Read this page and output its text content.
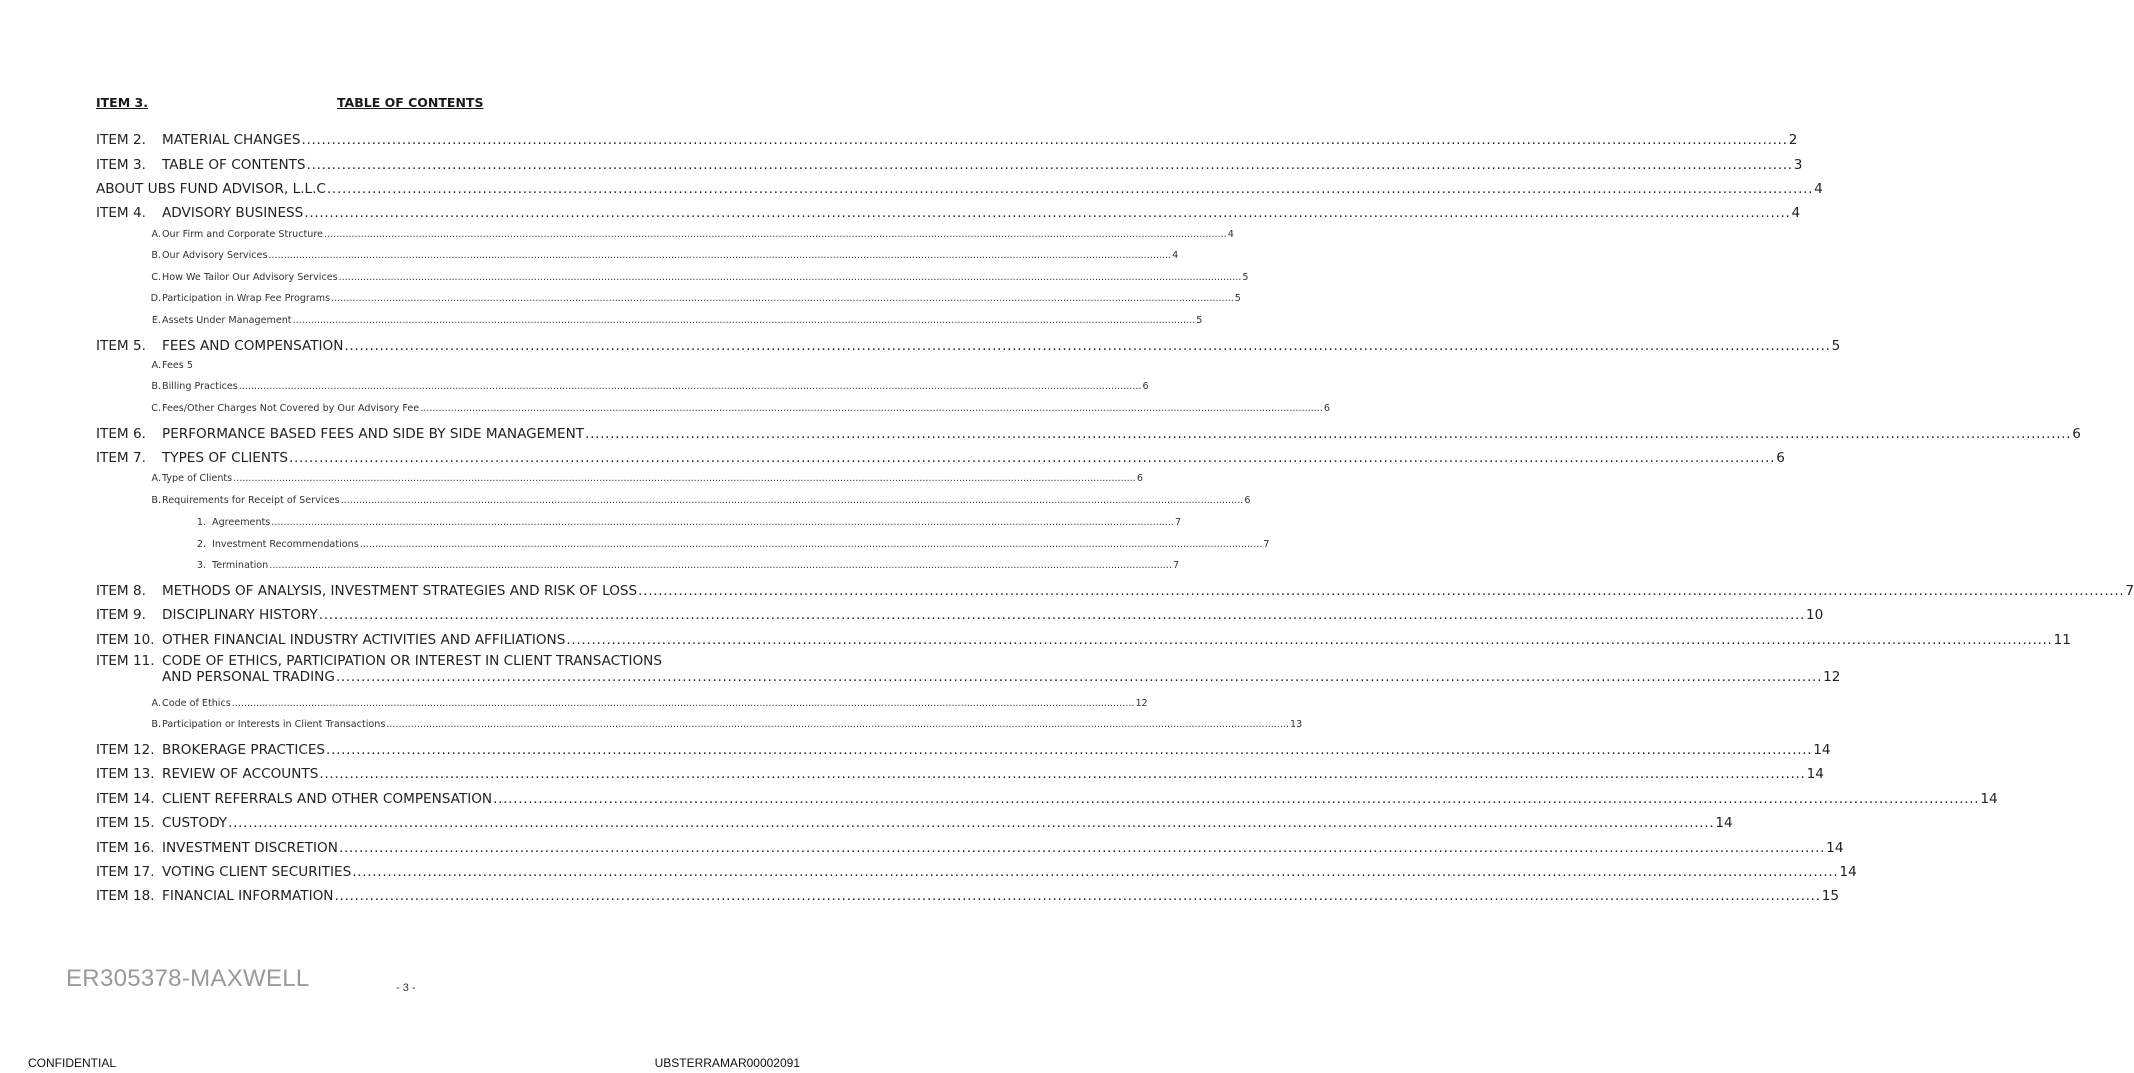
ITEM 3.	TABLE OF CONTENTS
ITEM 2.	MATERIAL CHANGES .....	2
ITEM 3.	TABLE OF CONTENTS .....	3
ABOUT UBS FUND ADVISOR, L.L.C .....	4
ITEM 4.	ADVISORY BUSINESS .....	4
A. Our Firm and Corporate Structure .....	4
B. Our Advisory Services .....	4
C. How We Tailor Our Advisory Services .....	5
D. Participation in Wrap Fee Programs .....	5
E. Assets Under Management .....	5
ITEM 5.	FEES AND COMPENSATION .....	5
A. Fees 5
B. Billing Practices .....	6
C. Fees/Other Charges Not Covered by Our Advisory Fee .....	6
ITEM 6.	PERFORMANCE BASED FEES AND SIDE BY SIDE MANAGEMENT .....	6
ITEM 7.	TYPES OF CLIENTS .....	6
A. Type of Clients .....	6
B. Requirements for Receipt of Services .....	6
1. Agreements .....	7
2. Investment Recommendations .....	7
3. Termination .....	7
ITEM 8.	METHODS OF ANALYSIS, INVESTMENT STRATEGIES AND RISK OF LOSS .....	7
ITEM 9.	DISCIPLINARY HISTORY .....	10
ITEM 10. OTHER FINANCIAL INDUSTRY ACTIVITIES AND AFFILIATIONS .....	11
ITEM 11. CODE OF ETHICS, PARTICIPATION OR INTEREST IN CLIENT TRANSACTIONS
AND PERSONAL TRADING .....	12
A. Code of Ethics .....	12
B. Participation or Interests in Client Transactions .....	13
ITEM 12. BROKERAGE PRACTICES .....	14
ITEM 13. REVIEW OF ACCOUNTS .....	14
ITEM 14. CLIENT REFERRALS AND OTHER COMPENSATION .....	14
ITEM 15. CUSTODY .....	14
ITEM 16. INVESTMENT DISCRETION .....	14
ITEM 17. VOTING CLIENT SECURITIES .....	14
ITEM 18. FINANCIAL INFORMATION .....	15
ER305378-MAXWELL	- 3 -
CONFIDENTIAL	UBSTERRAMAR00002091
